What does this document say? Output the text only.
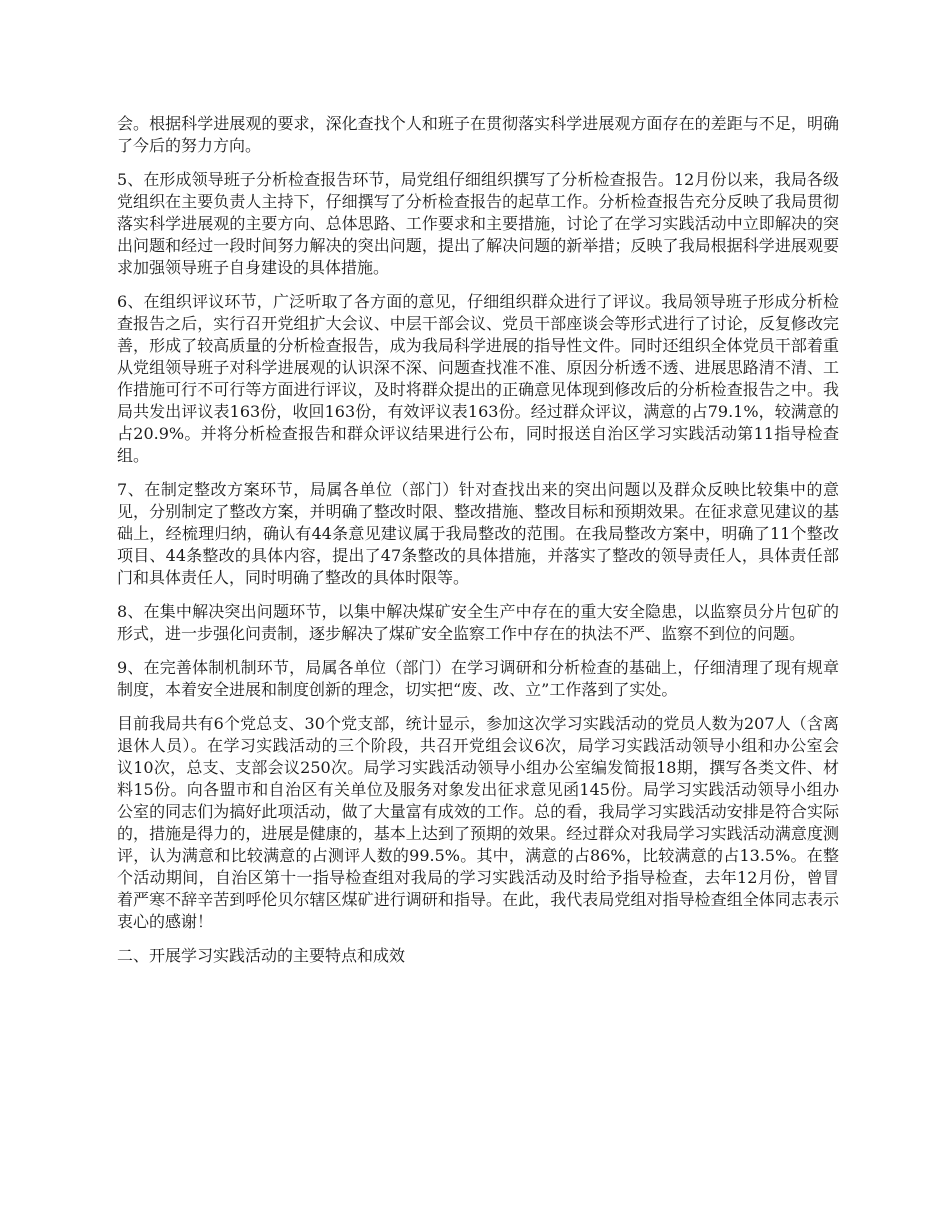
会。根据科学进展观的要求，深化查找个人和班子在贯彻落实科学进展观方面存在的差距与不足，明确了今后的努力方向。

5、在形成领导班子分析检查报告环节，局党组仔细组织撰写了分析检查报告。12月份以来，我局各级党组织在主要负责人主持下，仔细撰写了分析检查报告的起草工作。分析检查报告充分反映了我局贯彻落实科学进展观的主要方向、总体思路、工作要求和主要措施，讨论了在学习实践活动中立即解决的突出问题和经过一段时间努力解决的突出问题，提出了解决问题的新举措；反映了我局根据科学进展观要求加强领导班子自身建设的具体措施。

6、在组织评议环节，广泛听取了各方面的意见，仔细组织群众进行了评议。我局领导班子形成分析检查报告之后，实行召开党组扩大会议、中层干部会议、党员干部座谈会等形式进行了讨论，反复修改完善，形成了较高质量的分析检查报告，成为我局科学进展的指导性文件。同时还组织全体党员干部着重从党组领导班子对科学进展观的认识深不深、问题查找准不准、原因分析透不透、进展思路清不清、工作措施可行不可行等方面进行评议，及时将群众提出的正确意见体现到修改后的分析检查报告之中。我局共发出评议表163份，收回163份，有效评议表163份。经过群众评议，满意的占79.1%，较满意的占20.9%。并将分析检查报告和群众评议结果进行公布，同时报送自治区学习实践活动第11指导检查组。

7、在制定整改方案环节，局属各单位（部门）针对查找出来的突出问题以及群众反映比较集中的意见，分别制定了整改方案，并明确了整改时限、整改措施、整改目标和预期效果。在征求意见建议的基础上，经梳理归纳，确认有44条意见建议属于我局整改的范围。在我局整改方案中，明确了11个整改项目、44条整改的具体内容，提出了47条整改的具体措施，并落实了整改的领导责任人，具体责任部门和具体责任人，同时明确了整改的具体时限等。

8、在集中解决突出问题环节，以集中解决煤矿安全生产中存在的重大安全隐患，以监察员分片包矿的形式，进一步强化问责制，逐步解决了煤矿安全监察工作中存在的执法不严、监察不到位的问题。

9、在完善体制机制环节，局属各单位（部门）在学习调研和分析检查的基础上，仔细清理了现有规章制度，本着安全进展和制度创新的理念，切实把“废、改、立”工作落到了实处。

目前我局共有6个党总支、30个党支部，统计显示，参加这次学习实践活动的党员人数为207人（含离退休人员）。在学习实践活动的三个阶段，共召开党组会议6次，局学习实践活动领导小组和办公室会议10次，总支、支部会议250次。局学习实践活动领导小组办公室编发简报18期，撰写各类文件、材料15份。向各盟市和自治区有关单位及服务对象发出征求意见函145份。局学习实践活动领导小组办公室的同志们为搞好此项活动，做了大量富有成效的工作。总的看，我局学习实践活动安排是符合实际的，措施是得力的，进展是健康的，基本上达到了预期的效果。经过群众对我局学习实践活动满意度测评，认为满意和比较满意的占测评人数的99.5%。其中，满意的占86%，比较满意的占13.5%。在整个活动期间，自治区第十一指导检查组对我局的学习实践活动及时给予指导检查，去年12月份，曾冒着严寒不辞辛苦到呼伦贝尔辖区煤矿进行调研和指导。在此，我代表局党组对指导检查组全体同志表示衷心的感谢！

二、开展学习实践活动的主要特点和成效
